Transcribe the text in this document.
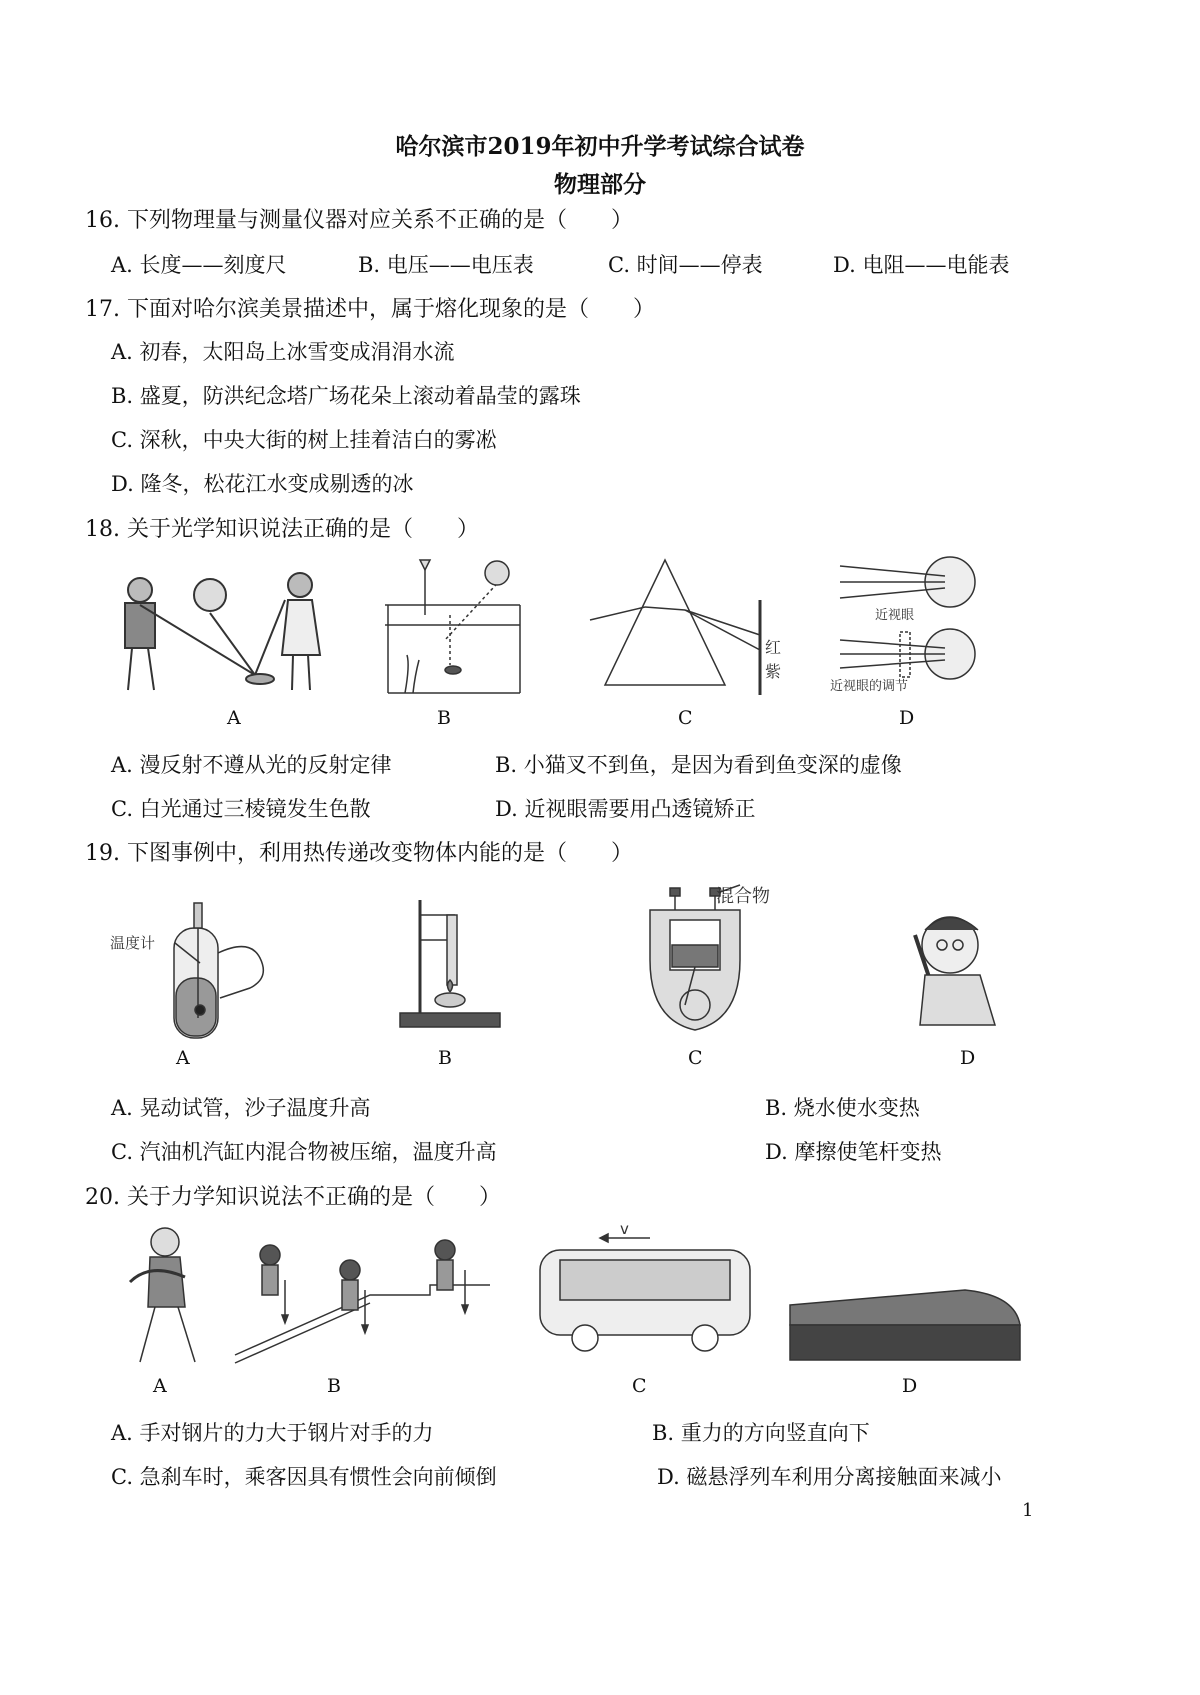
哈尔滨市2019年初中升学考试综合试卷
物理部分
16. 下列物理量与测量仪器对应关系不正确的是（　　）
A. 长度——刻度尺	B. 电压——电压表	C. 时间——停表	D. 电阻——电能表
17. 下面对哈尔滨美景描述中，属于熔化现象的是（　　）
A. 初春，太阳岛上冰雪变成涓涓水流
B. 盛夏，防洪纪念塔广场花朵上滚动着晶莹的露珠
C. 深秋，中央大街的树上挂着洁白的雾凇
D. 隆冬，松花江水变成剔透的冰
18. 关于光学知识说法正确的是（　　）
A	B
红
紫
C
近视眼
近视眼的调节
D
A. 漫反射不遵从光的反射定律	B. 小猫叉不到鱼，是因为看到鱼变深的虚像
C. 白光通过三棱镜发生色散	D. 近视眼需要用凸透镜矫正
19. 下图事例中，利用热传递改变物体内能的是（　　）
温度计
A	B
混合物
C	D
A. 晃动试管，沙子温度升高	B. 烧水使水变热
C. 汽油机汽缸内混合物被压缩，温度升高	D. 摩擦使笔杆变热
20. 关于力学知识说法不正确的是（　　）
A	B
v
C	D
A. 手对钢片的力大于钢片对手的力	B. 重力的方向竖直向下
C. 急刹车时，乘客因具有惯性会向前倾倒	D. 磁悬浮列车利用分离接触面来减小
1
